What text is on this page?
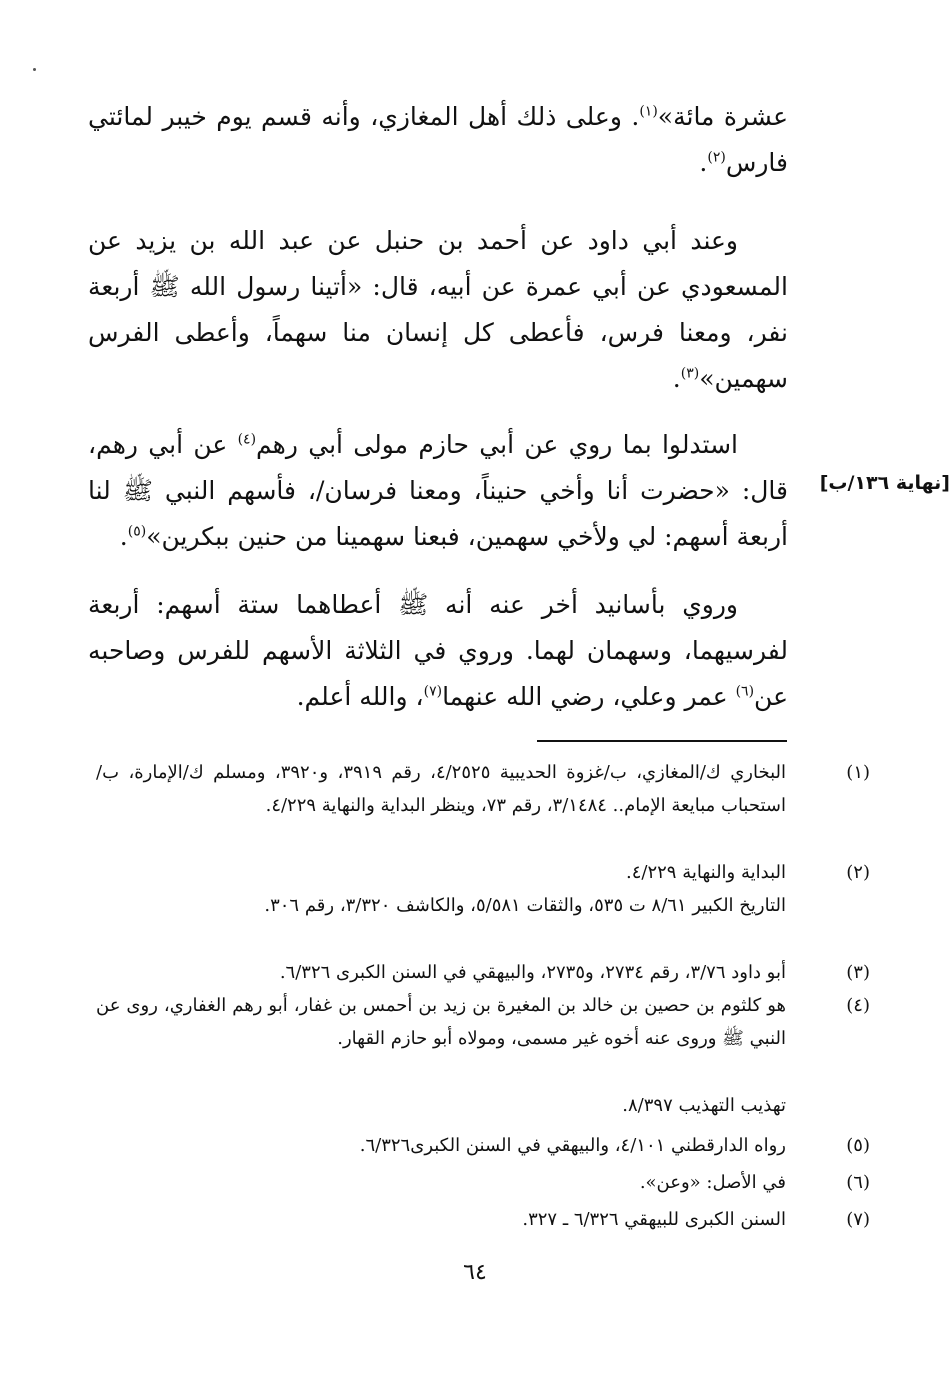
عشرة مائة»$^{(١)}$. وعلى ذلك أهل المغازي، وأنه قسم يوم خيبر لمائتي فارس$^{(٢)}$.

  وعند أبي داود عن أحمد بن حنبل عن عبد الله بن يزيد عن المسعودي عن أبي عمرة عن أبيه، قال: «أتينا رسول الله ﷺ أربعة نفر، ومعنا فرس، فأعطى كل إنسان منا سهماً، وأعطى الفرس سهمين»$^{(٣)}$.

  استدلوا بما روي عن أبي حازم مولى أبي رهم$^{(٤)}$ عن أبي رهم، قال: «حضرت أنا وأخي حنيناً، ومعنا فرسان/، فأسهم النبي ﷺ لنا أربعة أسهم: لي ولأخي سهمين، فبعنا سهمينا من حنين ببكرين»$^{(٥)}$.

[نهاية ١٣٦/ب]

  وروي بأسانيد أخر عنه أنه ﷺ أعطاهما ستة أسهم: أربعة لفرسيهما، وسهمان لهما. وروي في الثلاثة الأسهم للفرس وصاحبه عن$^{(٦)}$ عمر وعلي، رضي الله عنهما$^{(٧)}$، والله أعلم.

(١)البخاري ك/المغازي، ب/غزوة الحديبية ٤/٢٥٢٥، رقم ٣٩١٩، و٣٩٢٠، ومسلم ك/الإمارة، ب/استحباب مبايعة الإمام.. ٣/١٤٨٤، رقم ٧٣، وينظر البداية والنهاية ٤/٢٢٩.

(٢)البداية والنهاية ٤/٢٢٩.

التاريخ الكبير ٨/٦١ ت ٥٣٥، والثقات ٥/٥٨١، والكاشف ٣/٣٢٠، رقم ٣٠٦.

(٣)أبو داود ٣/٧٦، رقم ٢٧٣٤، و٢٧٣٥، والبيهقي في السنن الكبرى ٦/٣٢٦.

(٤)هو كلثوم بن حصين بن خالد بن المغيرة بن زيد بن أحمس بن غفار، أبو رهم الغفاري، روى عن النبي ﷺ وروى عنه أخوه غير مسمى، ومولاه أبو حازم القهار.

تهذيب التهذيب ٨/٣٩٧.

(٥)رواه الدارقطني ٤/١٠١، والبيهقي في السنن الكبرى٦/٣٢٦.

(٦)في الأصل: «وعن».

(٧)السنن الكبرى للبيهقي ٦/٣٢٦ ـ ٣٢٧.

٦٤
